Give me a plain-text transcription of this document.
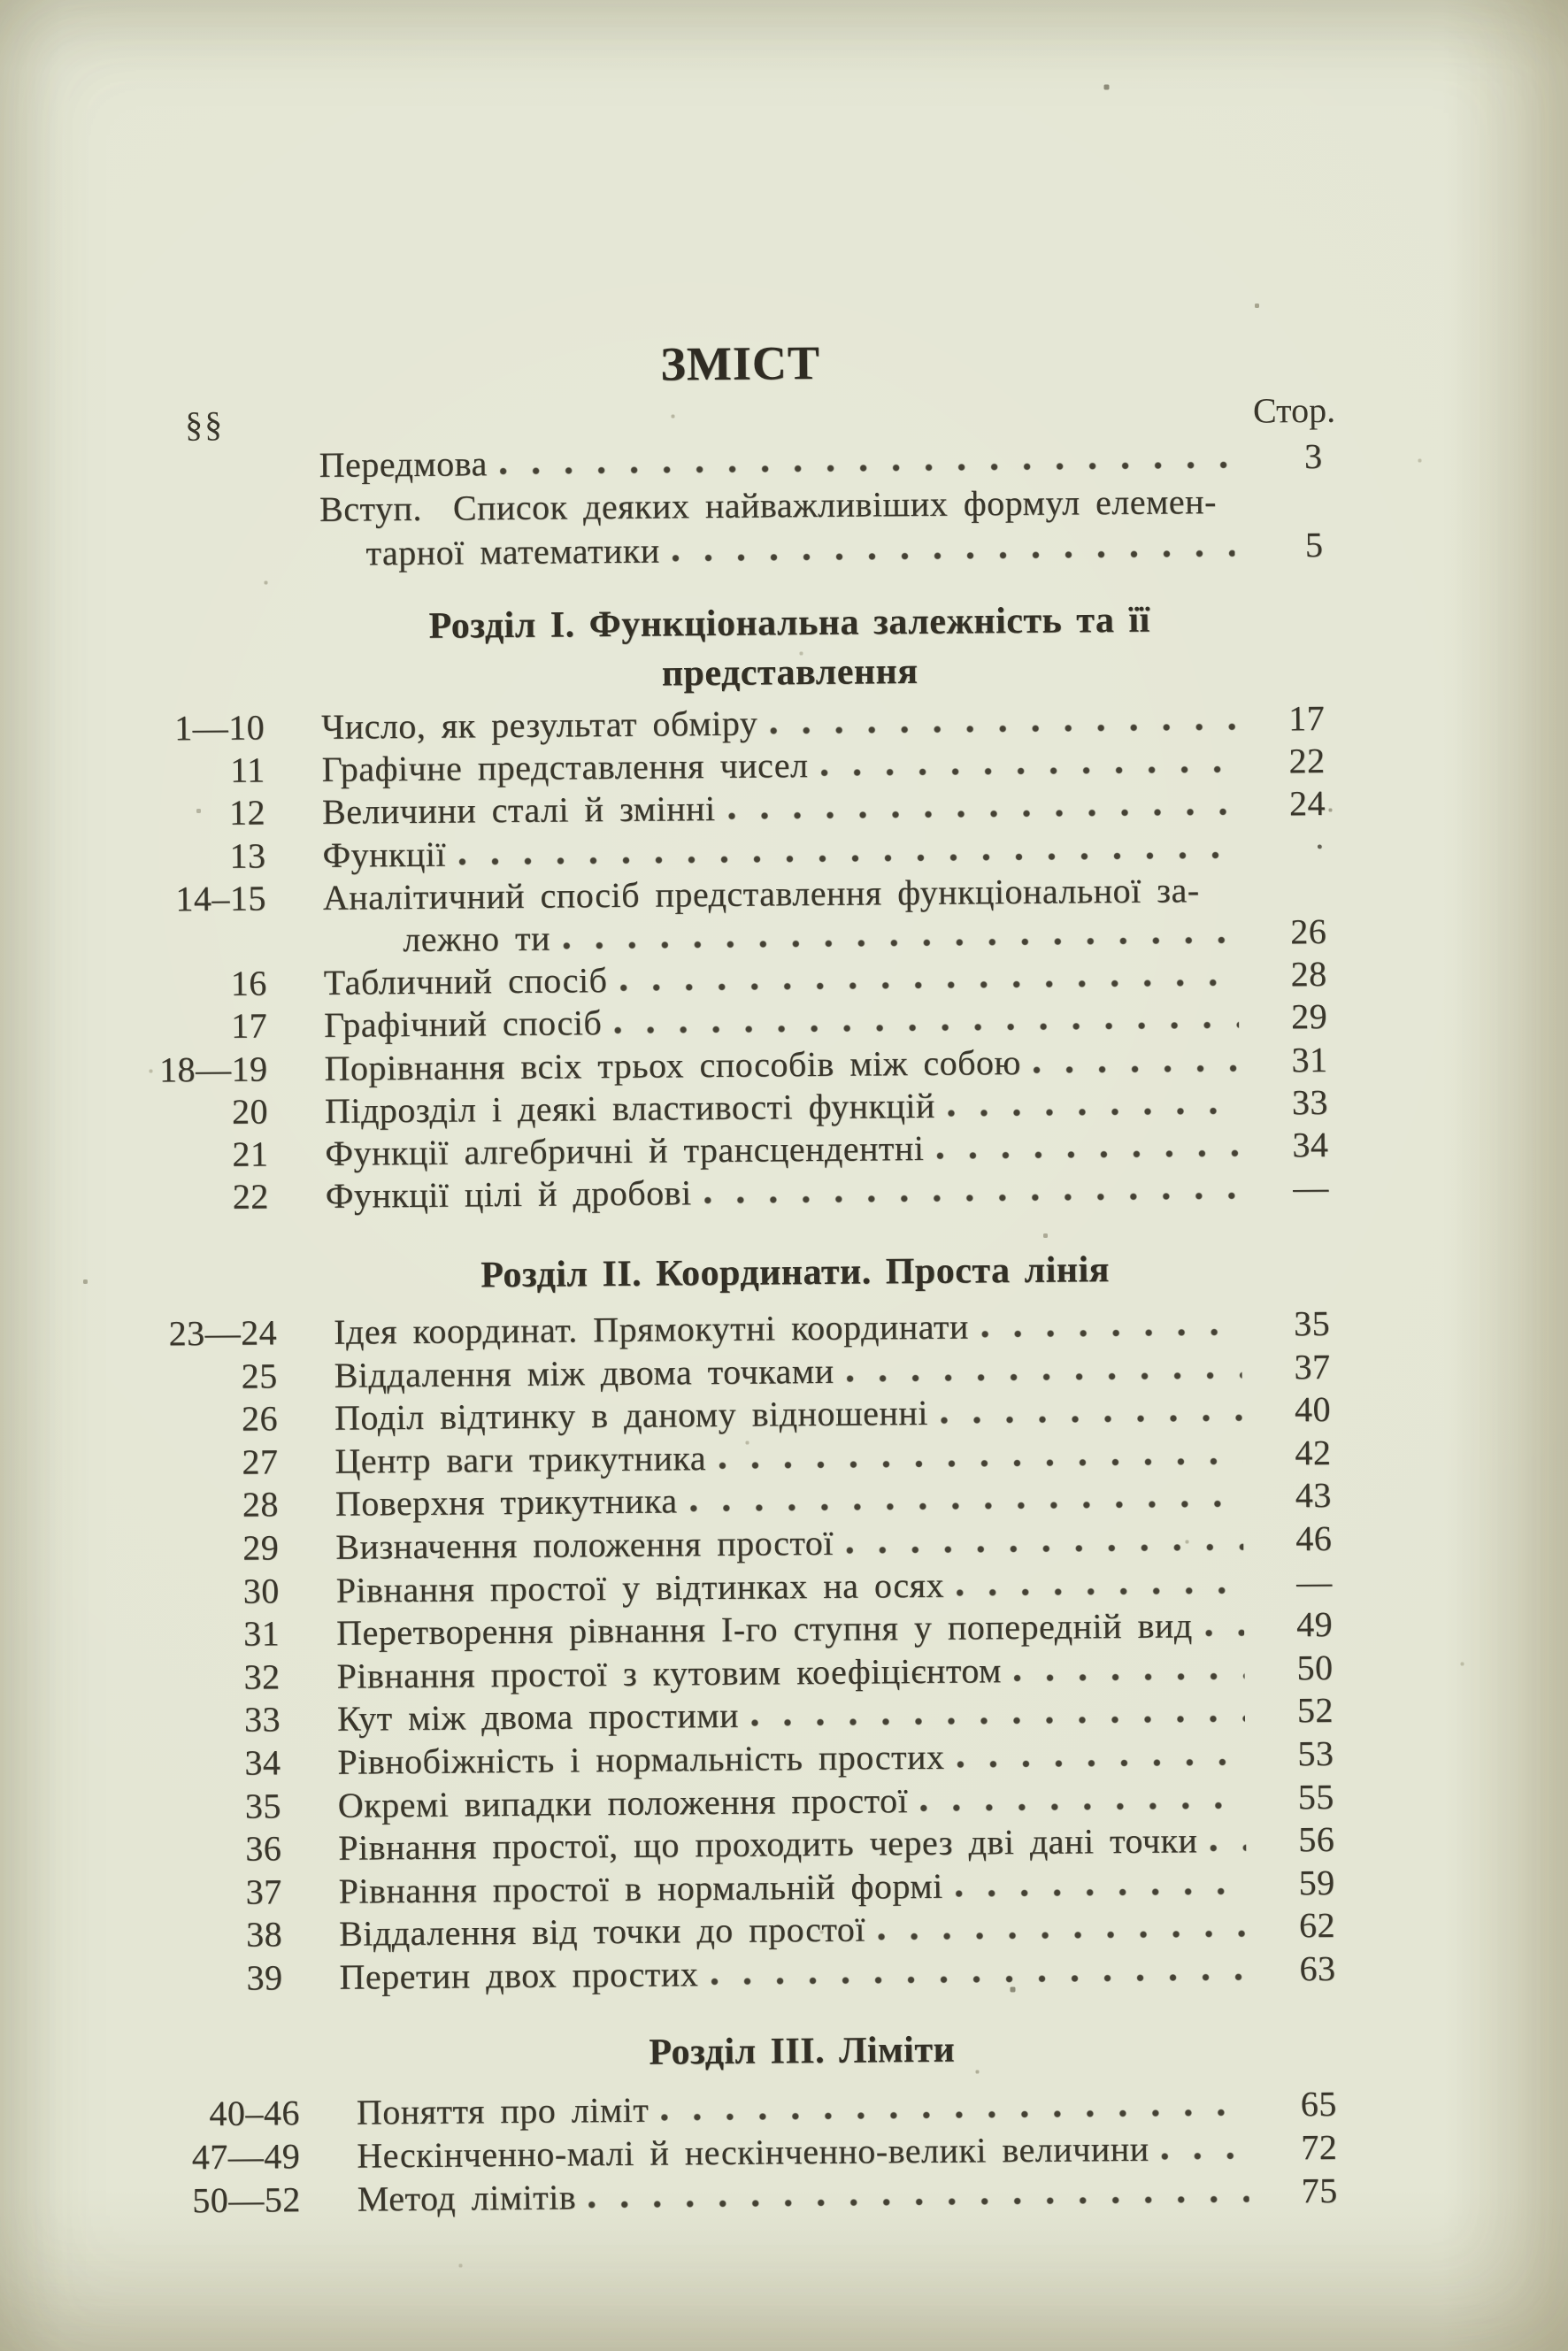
ЗМІСТ
Стор.
§§
Передмова	3
Вступ.  Список деяких найважливіших формул елемен-
тарної математики	5
Розділ I. Функціональна залежність та її
представлення
1—10 Число, як результат обміру	17
11 Графічне представлення чисел	22
12 Величини сталі й змінні	24
13 Функції	·
14–15 Аналітичний спосіб представлення функціональної за-
лежно ти	26
16 Табличний спосіб	28
17 Графічний спосіб	29
18—19 Порівнання всіх трьох способів між собою	31
20 Підрозділ і деякі властивості функцій	33
21 Функції алгебричні й трансцендентні	34
22 Функції цілі й дробові	—
Розділ II. Координати. Проста лінія
23—24 Ідея координат. Прямокутні координати	35
25 Віддалення між двома точками	37
26 Поділ відтинку в даному відношенні	40
27 Центр ваги трикутника	42
28 Поверхня трикутника	43
29 Визначення положення простої	46
30 Рівнання простої у відтинках на осях	—
31 Перетворення рівнання І-го ступня у попередній вид	49
32 Рівнання простої з кутовим коефіцієнтом	50
33 Кут між двома простими	52
34 Рівнобіжність і нормальність простих	53
35 Окремі випадки положення простої	55
36 Рівнання простої, що проходить через дві дані точки	56
37 Рівнання простої в нормальній формі	59
38 Віддалення від точки до простої	62
39 Перетин двох простих	63
Розділ III. Ліміти
40–46 Поняття про ліміт	65
47—49 Нескінченно-малі й нескінченно-великі величини	72
50—52 Метод лімітів	75
